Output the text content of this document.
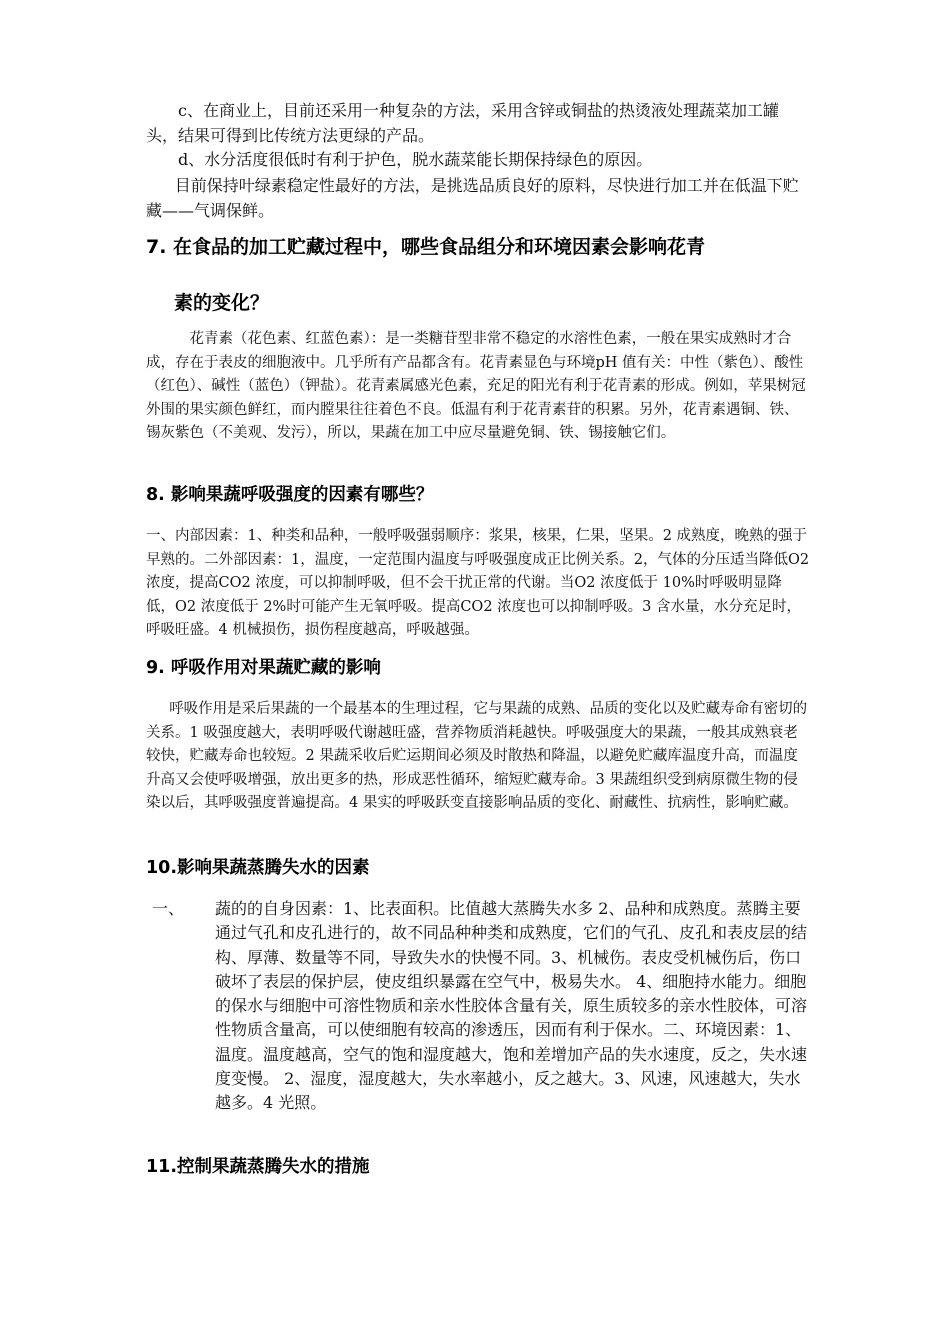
c、在商业上，目前还采用一种复杂的方法，采用含锌或铜盐的热烫液处理蔬菜加工罐头，结果可得到比传统方法更绿的产品。
d、水分活度很低时有利于护色，脱水蔬菜能长期保持绿色的原因。
目前保持叶绿素稳定性最好的方法，是挑选品质良好的原料，尽快进行加工并在低温下贮藏——气调保鲜。
7. 在食品的加工贮藏过程中，哪些食品组分和环境因素会影响花青
素的变化？
花青素（花色素、红蓝色素）：是一类糖苷型非常不稳定的水溶性色素，一般在果实成熟时才合成，存在于表皮的细胞液中。几乎所有产品都含有。花青素显色与环境pH 值有关：中性（紫色）、酸性（红色）、碱性（蓝色）（钾盐）。花青素属感光色素，充足的阳光有利于花青素的形成。例如，苹果树冠外围的果实颜色鲜红，而内膛果往往着色不良。低温有利于花青素苷的积累。另外，花青素遇铜、铁、锡灰紫色（不美观、发污），所以，果蔬在加工中应尽量避免铜、铁、锡接触它们。
8. 影响果蔬呼吸强度的因素有哪些？
一、内部因素：1、种类和品种，一般呼吸强弱顺序：浆果，核果，仁果，坚果。2 成熟度，晚熟的强于早熟的。二外部因素：1，温度，一定范围内温度与呼吸强度成正比例关系。2，气体的分压适当降低O2 浓度，提高CO2 浓度，可以抑制呼吸，但不会干扰正常的代谢。当O2 浓度低于 10%时呼吸明显降低，O2 浓度低于 2%时可能产生无氧呼吸。提高CO2 浓度也可以抑制呼吸。3 含水量，水分充足时，呼吸旺盛。4 机械损伤，损伤程度越高，呼吸越强。
9. 呼吸作用对果蔬贮藏的影响
呼吸作用是采后果蔬的一个最基本的生理过程，它与果蔬的成熟、品质的变化以及贮藏寿命有密切的关系。1 吸强度越大，表明呼吸代谢越旺盛，营养物质消耗越快。呼吸强度大的果蔬，一般其成熟衰老较快，贮藏寿命也较短。2 果蔬采收后贮运期间必须及时散热和降温，以避免贮藏库温度升高，而温度升高又会使呼吸增强，放出更多的热，形成恶性循环，缩短贮藏寿命。3 果蔬组织受到病原微生物的侵染以后，其呼吸强度普遍提高。4 果实的呼吸跃变直接影响品质的变化、耐藏性、抗病性，影响贮藏。
10.影响果蔬蒸腾失水的因素
一、 蔬的的自身因素：1、比表面积。比值越大蒸腾失水多 2、品种和成熟度。蒸腾主要通过气孔和皮孔进行的，故不同品种种类和成熟度，它们的气孔、皮孔和表皮层的结构、厚薄、数量等不同，导致失水的快慢不同。3、机械伤。表皮受机械伤后，伤口破坏了表层的保护层，使皮组织暴露在空气中，极易失水。 4、细胞持水能力。细胞的保水与细胞中可溶性物质和亲水性胶体含量有关，原生质较多的亲水性胶体，可溶性物质含量高，可以使细胞有较高的渗透压，因而有利于保水。二、环境因素：1、温度。温度越高，空气的饱和湿度越大，饱和差增加产品的失水速度，反之，失水速度变慢。 2、湿度，湿度越大，失水率越小，反之越大。3、风速，风速越大，失水越多。4 光照。
11.控制果蔬蒸腾失水的措施
